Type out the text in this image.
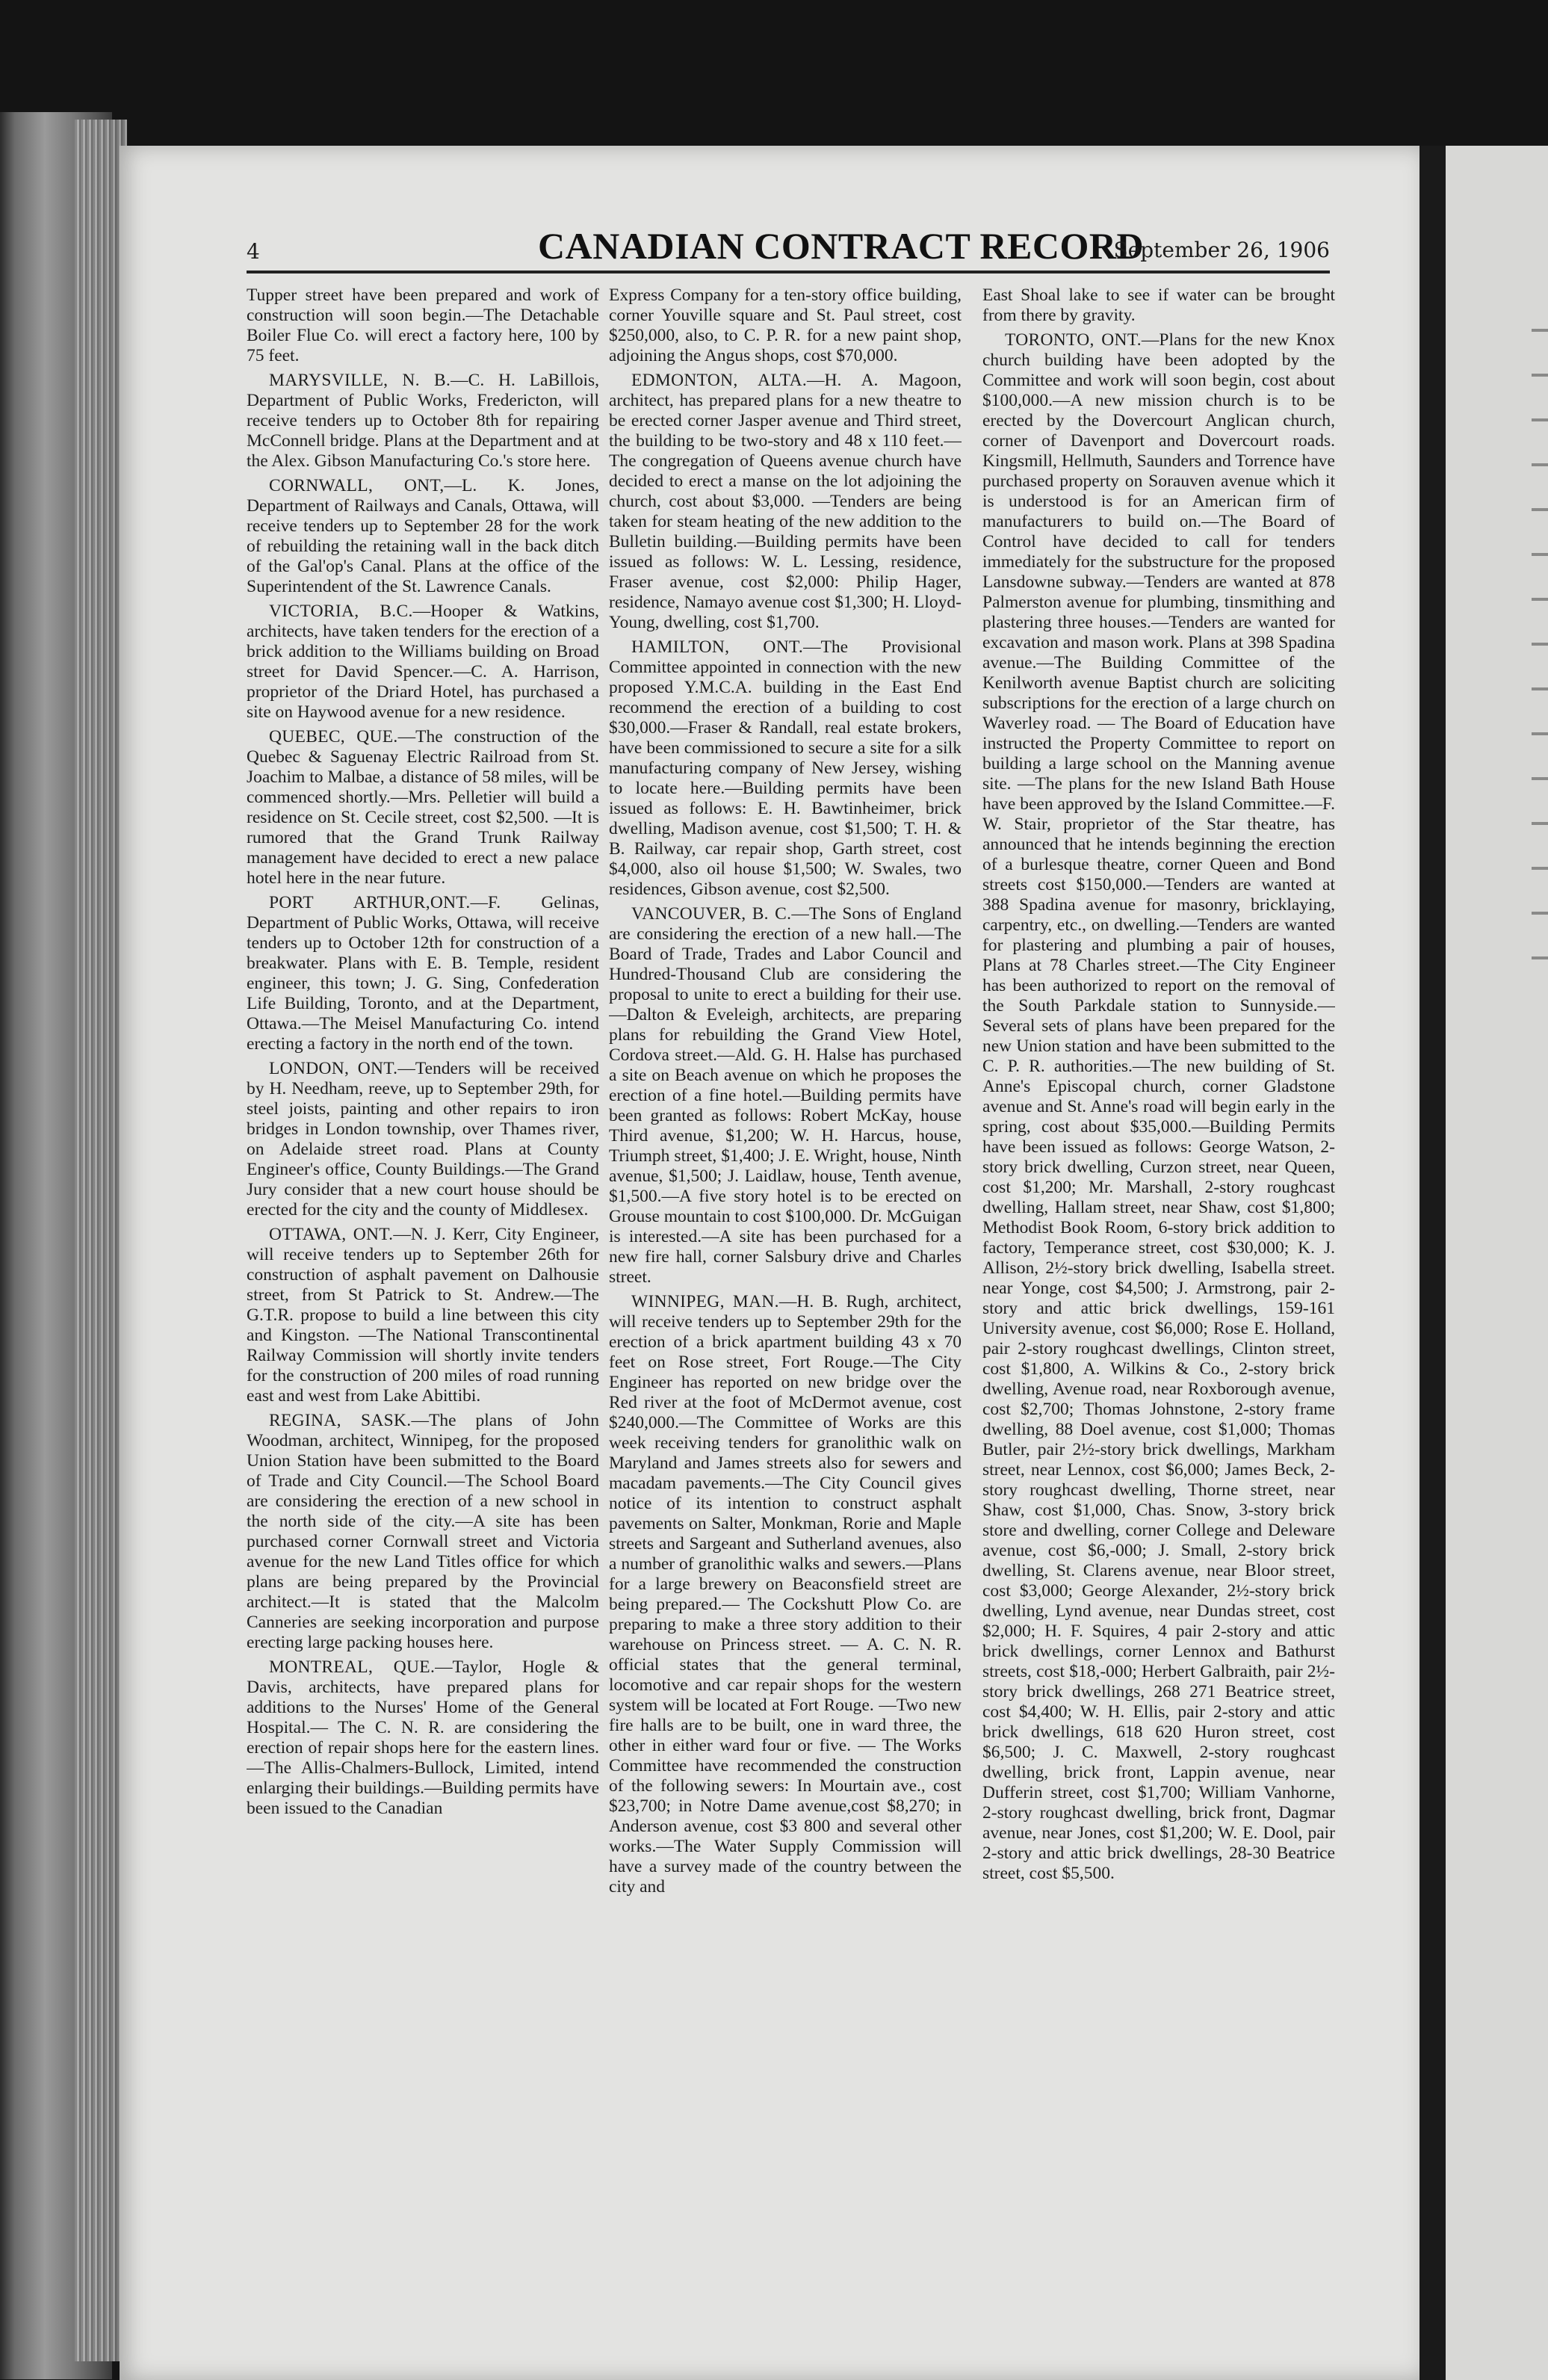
4	CANADIAN CONTRACT RECORD
September 26, 1906

Tupper street have been prepared and work of construction will soon begin.—The Detachable Boiler Flue Co. will erect a factory here, 100 by 75 feet.

MARYSVILLE, N. B.—C. H. LaBillois, Department of Public Works, Fredericton, will receive tenders up to October 8th for repairing McConnell bridge. Plans at the Department and at the Alex. Gibson Manufacturing Co.'s store here.

CORNWALL, ONT,—L. K. Jones, Department of Railways and Canals, Ottawa, will receive tenders up to September 28 for the work of rebuilding the retaining wall in the back ditch of the Gal'op's Canal. Plans at the office of the Superintendent of the St. Lawrence Canals.

VICTORIA, B.C.—Hooper & Watkins, architects, have taken tenders for the erection of a brick addition to the Williams building on Broad street for David Spencer.—C. A. Harrison, proprietor of the Driard Hotel, has purchased a site on Haywood avenue for a new residence.

QUEBEC, QUE.—The construction of the Quebec & Saguenay Electric Railroad from St. Joachim to Malbae, a distance of 58 miles, will be commenced shortly.—Mrs. Pelletier will build a residence on St. Cecile street, cost $2,500. —It is rumored that the Grand Trunk Railway management have decided to erect a new palace hotel here in the near future.

PORT ARTHUR,ONT.—F. Gelinas, Department of Public Works, Ottawa, will receive tenders up to October 12th for construction of a breakwater. Plans with E. B. Temple, resident engineer, this town; J. G. Sing, Confederation Life Building, Toronto, and at the Department, Ottawa.—The Meisel Manufacturing Co. intend erecting a factory in the north end of the town.

LONDON, ONT.—Tenders will be received by H. Needham, reeve, up to September 29th, for steel joists, painting and other repairs to iron bridges in London township, over Thames river, on Adelaide street road. Plans at County Engineer's office, County Buildings.—The Grand Jury consider that a new court house should be erected for the city and the county of Middlesex.

OTTAWA, ONT.—N. J. Kerr, City Engineer, will receive tenders up to September 26th for construction of asphalt pavement on Dalhousie street, from St Patrick to St. Andrew.—The G.T.R. propose to build a line between this city and Kingston. —The National Transcontinental Railway Commission will shortly invite tenders for the construction of 200 miles of road running east and west from Lake Abittibi.

REGINA, SASK.—The plans of John Woodman, architect, Winnipeg, for the proposed Union Station have been submitted to the Board of Trade and City Council.—The School Board are considering the erection of a new school in the north side of the city.—A site has been purchased corner Cornwall street and Victoria avenue for the new Land Titles office for which plans are being prepared by the Provincial architect.—It is stated that the Malcolm Canneries are seeking incorporation and purpose erecting large packing houses here.

MONTREAL, QUE.—Taylor, Hogle & Davis, architects, have prepared plans for additions to the Nurses' Home of the General Hospital.— The C. N. R. are considering the erection of repair shops here for the eastern lines.—The Allis-Chalmers-Bullock, Limited, intend enlarging their buildings.—Building permits have been issued to the Canadian

Express Company for a ten-story office building, corner Youville square and St. Paul street, cost $250,000, also, to C. P. R. for a new paint shop, adjoining the Angus shops, cost $70,000.

EDMONTON, ALTA.—H. A. Magoon, architect, has prepared plans for a new theatre to be erected corner Jasper avenue and Third street, the building to be two-story and 48 x 110 feet.—The congregation of Queens avenue church have decided to erect a manse on the lot adjoining the church, cost about $3,000. —Tenders are being taken for steam heating of the new addition to the Bulletin building.—Building permits have been issued as follows: W. L. Lessing, residence, Fraser avenue, cost $2,000: Philip Hager, residence, Namayo avenue cost $1,300; H. Lloyd-Young, dwelling, cost $1,700.

HAMILTON, ONT.—The Provisional Committee appointed in connection with the new proposed Y.M.C.A. building in the East End recommend the erection of a building to cost $30,000.—Fraser & Randall, real estate brokers, have been commissioned to secure a site for a silk manufacturing company of New Jersey, wishing to locate here.—Building permits have been issued as follows: E. H. Bawtinheimer, brick dwelling, Madison avenue, cost $1,500; T. H. & B. Railway, car repair shop, Garth street, cost $4,000, also oil house $1,500; W. Swales, two residences, Gibson avenue, cost $2,500.

VANCOUVER, B. C.—The Sons of England are considering the erection of a new hall.—The Board of Trade, Trades and Labor Council and Hundred-Thousand Club are considering the proposal to unite to erect a building for their use.—Dalton & Eveleigh, architects, are preparing plans for rebuilding the Grand View Hotel, Cordova street.—Ald. G. H. Halse has purchased a site on Beach avenue on which he proposes the erection of a fine hotel.—Building permits have been granted as follows: Robert McKay, house Third avenue, $1,200; W. H. Harcus, house, Triumph street, $1,400; J. E. Wright, house, Ninth avenue, $1,500; J. Laidlaw, house, Tenth avenue, $1,500.—A five story hotel is to be erected on Grouse mountain to cost $100,000. Dr. McGuigan is interested.—A site has been purchased for a new fire hall, corner Salsbury drive and Charles street.

WINNIPEG, MAN.—H. B. Rugh, architect, will receive tenders up to September 29th for the erection of a brick apartment building 43 x 70 feet on Rose street, Fort Rouge.—The City Engineer has reported on new bridge over the Red river at the foot of McDermot avenue, cost $240,000.—The Committee of Works are this week receiving tenders for granolithic walk on Maryland and James streets also for sewers and macadam pavements.—The City Council gives notice of its intention to construct asphalt pavements on Salter, Monkman, Rorie and Maple streets and Sargeant and Sutherland avenues, also a number of granolithic walks and sewers.—Plans for a large brewery on Beaconsfield street are being prepared.— The Cockshutt Plow Co. are preparing to make a three story addition to their warehouse on Princess street. — A. C. N. R. official states that the general terminal, locomotive and car repair shops for the western system will be located at Fort Rouge. —Two new fire halls are to be built, one in ward three, the other in either ward four or five. — The Works Committee have recommended the construction of the following sewers: In Mourtain ave., cost $23,700; in Notre Dame avenue,cost $8,270; in Anderson avenue, cost $3 800 and several other works.—The Water Supply Commission will have a survey made of the country between the city and

East Shoal lake to see if water can be brought from there by gravity.

TORONTO, ONT.—Plans for the new Knox church building have been adopted by the Committee and work will soon begin, cost about $100,000.—A new mission church is to be erected by the Dovercourt Anglican church, corner of Davenport and Dovercourt roads. Kingsmill, Hellmuth, Saunders and Torrence have purchased property on Sorauven avenue which it is understood is for an American firm of manufacturers to build on.—The Board of Control have decided to call for tenders immediately for the substructure for the proposed Lansdowne subway.—Tenders are wanted at 878 Palmerston avenue for plumbing, tinsmithing and plastering three houses.—Tenders are wanted for excavation and mason work. Plans at 398 Spadina avenue.—The Building Committee of the Kenilworth avenue Baptist church are soliciting subscriptions for the erection of a large church on Waverley road. — The Board of Education have instructed the Property Committee to report on building a large school on the Manning avenue site. —The plans for the new Island Bath House have been approved by the Island Committee.—F. W. Stair, proprietor of the Star theatre, has announced that he intends beginning the erection of a burlesque theatre, corner Queen and Bond streets cost $150,000.—Tenders are wanted at 388 Spadina avenue for masonry, bricklaying, carpentry, etc., on dwelling.—Tenders are wanted for plastering and plumbing a pair of houses, Plans at 78 Charles street.—The City Engineer has been authorized to report on the removal of the South Parkdale station to Sunnyside.—Several sets of plans have been prepared for the new Union station and have been submitted to the C. P. R. authorities.—The new building of St. Anne's Episcopal church, corner Gladstone avenue and St. Anne's road will begin early in the spring, cost about $35,000.—Building Permits have been issued as follows: George Watson, 2-story brick dwelling, Curzon street, near Queen, cost $1,200; Mr. Marshall, 2-story roughcast dwelling, Hallam street, near Shaw, cost $1,800; Methodist Book Room, 6-story brick addition to factory, Temperance street, cost $30,000; K. J. Allison, 2½-story brick dwelling, Isabella street. near Yonge, cost $4,500; J. Armstrong, pair 2-story and attic brick dwellings, 159-161 University avenue, cost $6,000; Rose E. Holland, pair 2-story roughcast dwellings, Clinton street, cost $1,800, A. Wilkins & Co., 2-story brick dwelling, Avenue road, near Roxborough avenue, cost $2,700; Thomas Johnstone, 2-story frame dwelling, 88 Doel avenue, cost $1,000; Thomas Butler, pair 2½-story brick dwellings, Markham street, near Lennox, cost $6,000; James Beck, 2-story roughcast dwelling, Thorne street, near Shaw, cost $1,000, Chas. Snow, 3-story brick store and dwelling, corner College and Deleware avenue, cost $6,-000; J. Small, 2-story brick dwelling, St. Clarens avenue, near Bloor street, cost $3,000; George Alexander, 2½-story brick dwelling, Lynd avenue, near Dundas street, cost $2,000; H. F. Squires, 4 pair 2-story and attic brick dwellings, corner Lennox and Bathurst streets, cost $18,-000; Herbert Galbraith, pair 2½-story brick dwellings, 268 271 Beatrice street, cost $4,400; W. H. Ellis, pair 2-story and attic brick dwellings, 618 620 Huron street, cost $6,500; J. C. Maxwell, 2-story roughcast dwelling, brick front, Lappin avenue, near Dufferin street, cost $1,700; William Vanhorne, 2-story roughcast dwelling, brick front, Dagmar avenue, near Jones, cost $1,200; W. E. Dool, pair 2-story and attic brick dwellings, 28-30 Beatrice street, cost $5,500.
